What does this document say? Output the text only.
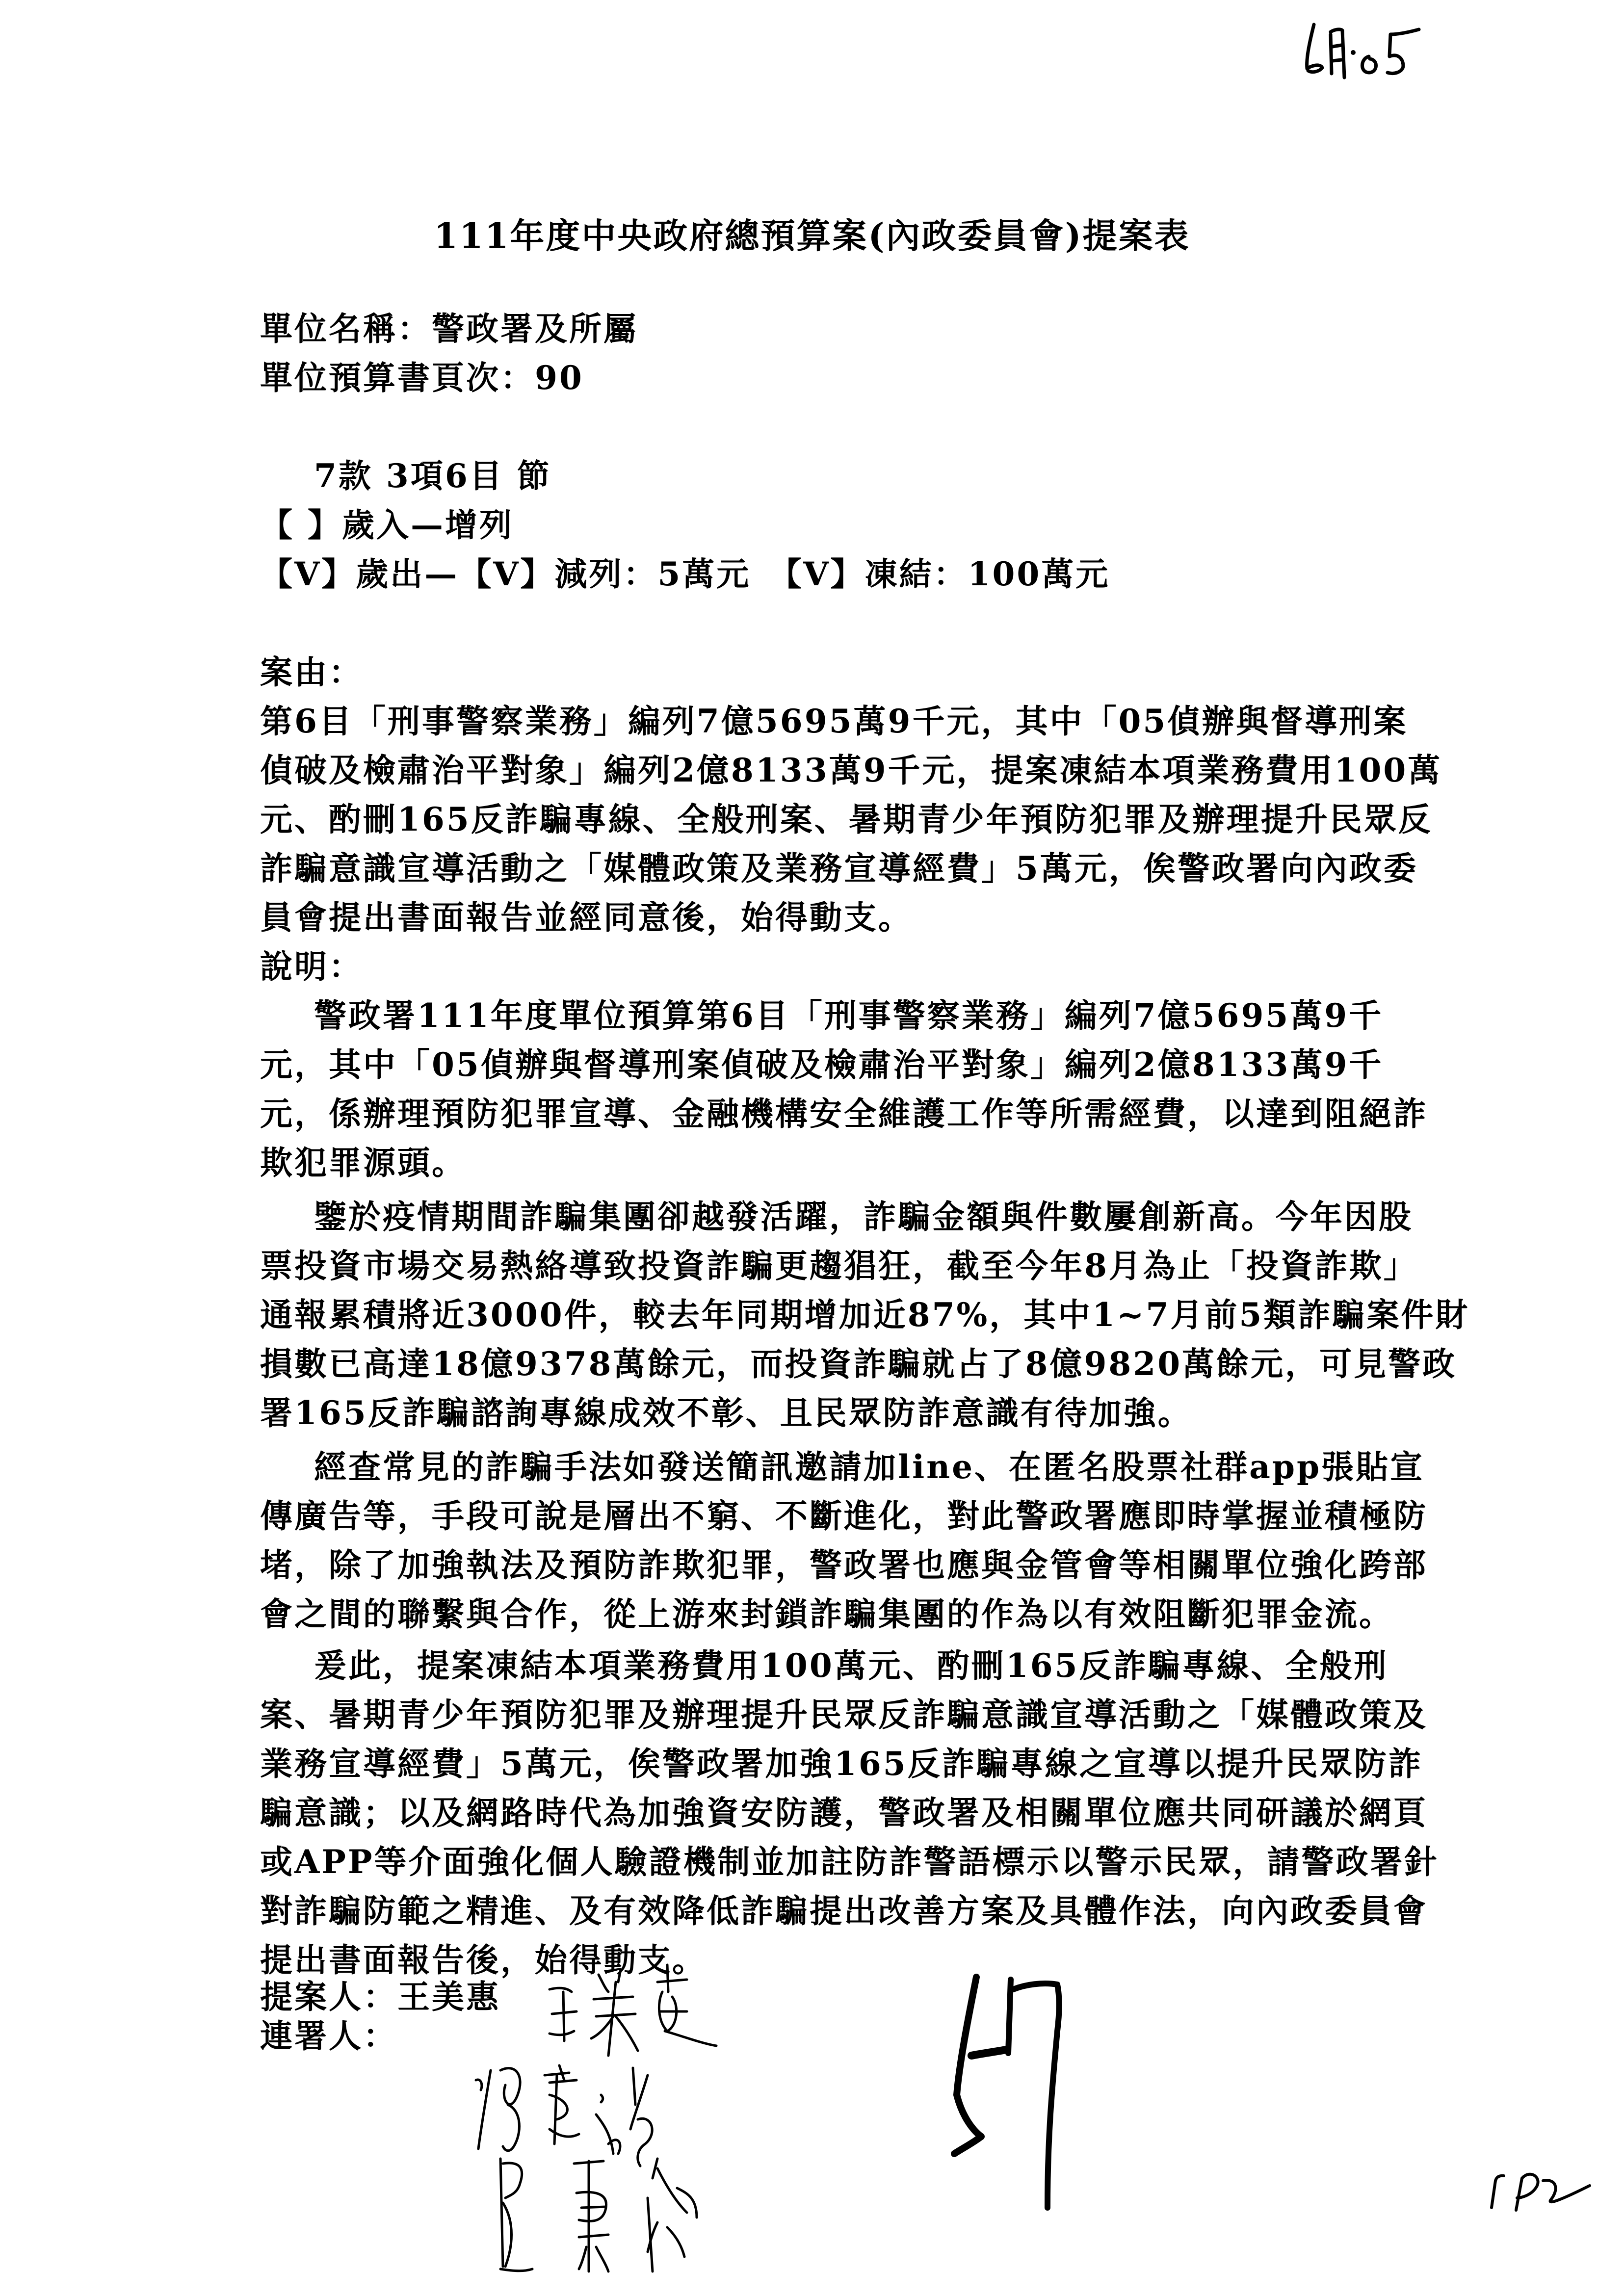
111年度中央政府總預算案(內政委員會)提案表
單位名稱：警政署及所屬
單位預算書頁次：90
7款 3項6目 節
【 】歲入—增列
【V】歲出—【V】減列：5萬元　【V】凍結：100萬元
案由：
第6目「刑事警察業務」編列7億5695萬9千元，其中「05偵辦與督導刑案
偵破及檢肅治平對象」編列2億8133萬9千元，提案凍結本項業務費用100萬
元、酌刪165反詐騙專線、全般刑案、暑期青少年預防犯罪及辦理提升民眾反
詐騙意識宣導活動之「媒體政策及業務宣導經費」5萬元，俟警政署向內政委
員會提出書面報告並經同意後，始得動支。
說明：
警政署111年度單位預算第6目「刑事警察業務」編列7億5695萬9千
元，其中「05偵辦與督導刑案偵破及檢肅治平對象」編列2億8133萬9千
元，係辦理預防犯罪宣導、金融機構安全維護工作等所需經費，以達到阻絕詐
欺犯罪源頭。
鑒於疫情期間詐騙集團卻越發活躍，詐騙金額與件數屢創新高。今年因股
票投資市場交易熱絡導致投資詐騙更趨猖狂，截至今年8月為止「投資詐欺」
通報累積將近3000件，較去年同期增加近87%，其中1~7月前5類詐騙案件財
損數已高達18億9378萬餘元，而投資詐騙就占了8億9820萬餘元，可見警政
署165反詐騙諮詢專線成效不彰、且民眾防詐意識有待加強。
經查常見的詐騙手法如發送簡訊邀請加line、在匿名股票社群app張貼宣
傳廣告等，手段可說是層出不窮、不斷進化，對此警政署應即時掌握並積極防
堵，除了加強執法及預防詐欺犯罪，警政署也應與金管會等相關單位強化跨部
會之間的聯繫與合作，從上游來封鎖詐騙集團的作為以有效阻斷犯罪金流。
爰此，提案凍結本項業務費用100萬元、酌刪165反詐騙專線、全般刑
案、暑期青少年預防犯罪及辦理提升民眾反詐騙意識宣導活動之「媒體政策及
業務宣導經費」5萬元，俟警政署加強165反詐騙專線之宣導以提升民眾防詐
騙意識；以及網路時代為加強資安防護，警政署及相關單位應共同研議於網頁
或APP等介面強化個人驗證機制並加註防詐警語標示以警示民眾，請警政署針
對詐騙防範之精進、及有效降低詐騙提出改善方案及具體作法，向內政委員會
提出書面報告後，始得動支。
提案人：王美惠
連署人：
